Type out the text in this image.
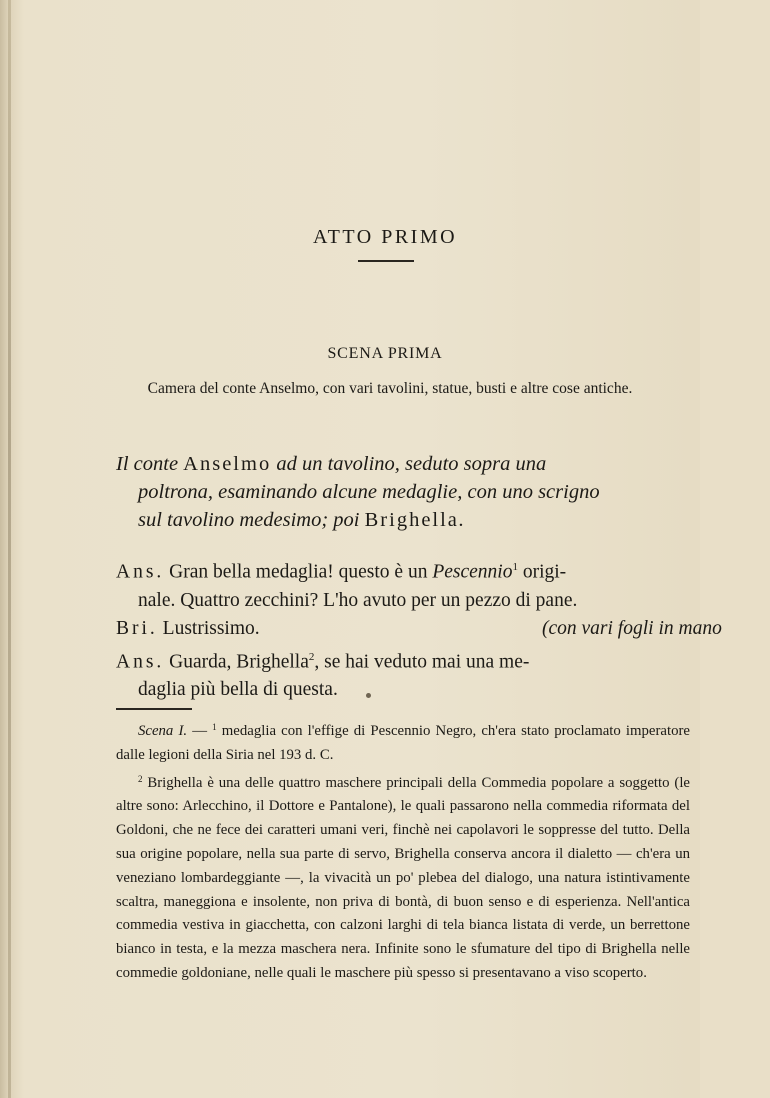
ATTO PRIMO
SCENA PRIMA
Camera del conte Anselmo, con vari tavolini, statue, busti e altre cose antiche.
Il conte Anselmo ad un tavolino, seduto sopra una
poltrona, esaminando alcune medaglie, con uno scrigno
sul tavolino medesimo; poi Brighella.
Ans. Gran bella medaglia! questo è un Pescennio$^1$ origi-
nale. Quattro zecchini? L'ho avuto per un pezzo di pane.
Bri. Lustrissimo.	(con vari fogli in mano
Ans. Guarda, Brighella$^2$, se hai veduto mai una me-
daglia più bella di questa.

Scena I. — $^1$ medaglia con l'effige di Pescennio Negro, ch'era stato proclamato imperatore dalle legioni della Siria nel 193 d. C.

$^2$ Brighella è una delle quattro maschere principali della Commedia popolare a soggetto (le altre sono: Arlecchino, il Dottore e Pantalone), le quali passarono nella commedia riformata del Goldoni, che ne fece dei caratteri umani veri, finchè nei capolavori le soppresse del tutto. Della sua origine popolare, nella sua parte di servo, Brighella conserva ancora il dialetto — ch'era un veneziano lombardeggiante —, la vivacità un po' plebea del dialogo, una natura istintivamente scaltra, maneggiona e insolente, non priva di bontà, di buon senso e di esperienza. Nell'antica commedia vestiva in giacchetta, con calzoni larghi di tela bianca listata di verde, un berrettone bianco in testa, e la mezza maschera nera. Infinite sono le sfumature del tipo di Brighella nelle commedie goldoniane, nelle quali le maschere più spesso si presentavano a viso scoperto.
